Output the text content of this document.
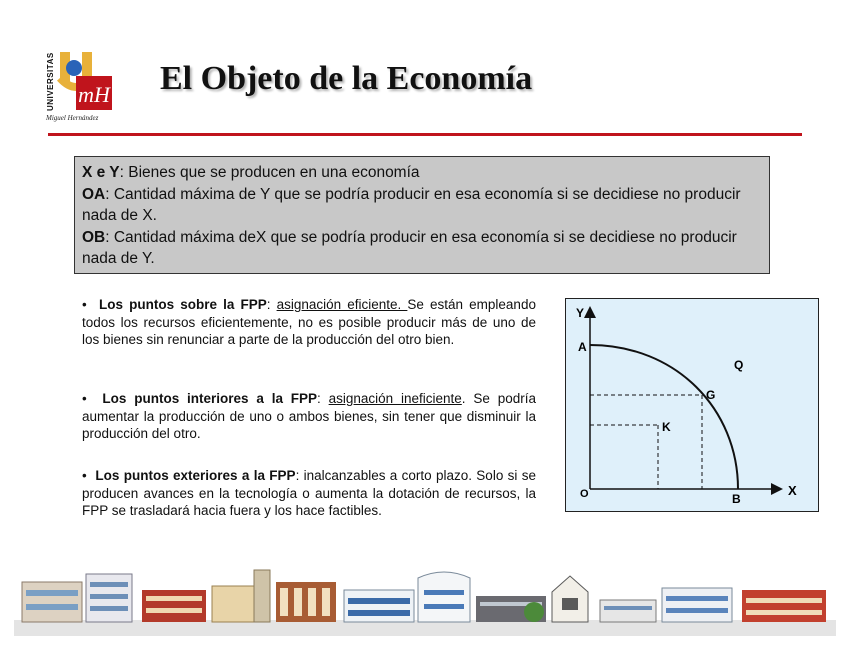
UNIVERSITAS mH
Miguel Hernández
El Objeto de la Economía
X e Y: Bienes que se producen en una economía
OA: Cantidad máxima de Y que se podría producir en esa economía si se decidiese no producir nada de X.
OB: Cantidad máxima deX que se podría producir en esa economía si se decidiese no producir nada de Y.
• Los puntos sobre la FPP: asignación eficiente. Se están empleando todos los recursos eficientemente, no es posible producir más de uno de los bienes sin renunciar a parte de la producción del otro bien.
• Los puntos interiores a la FPP: asignación ineficiente. Se podría aumentar la producción de uno o ambos bienes, sin tener que disminuir la producción del otro.
• Los puntos exteriores a la FPP: inalcanzables a corto plazo. Solo si se producen avances en la tecnología o aumenta la dotación de recursos, la FPP se trasladará hacia fuera y los hace factibles.
Y
X
O
A
B
G
K
Q
